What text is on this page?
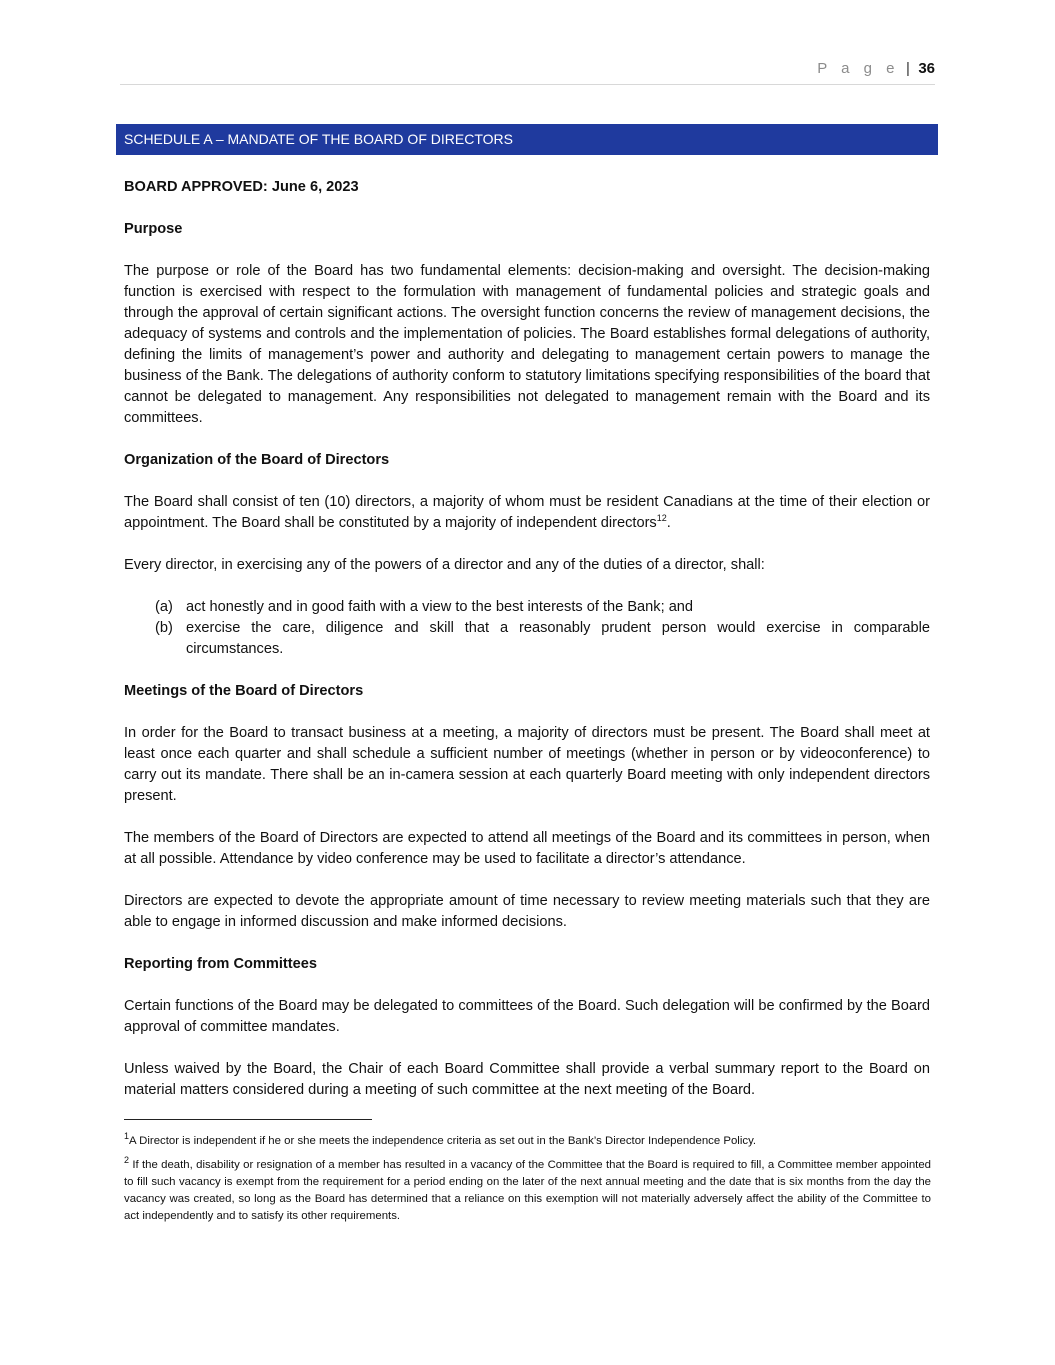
P a g e | 36
SCHEDULE A – MANDATE OF THE BOARD OF DIRECTORS

BOARD APPROVED: June 6, 2023

Purpose

The purpose or role of the Board has two fundamental elements: decision-making and oversight. The decision-making function is exercised with respect to the formulation with management of fundamental policies and strategic goals and through the approval of certain significant actions. The oversight function concerns the review of management decisions, the adequacy of systems and controls and the implementation of policies. The Board establishes formal delegations of authority, defining the limits of management’s power and authority and delegating to management certain powers to manage the business of the Bank. The delegations of authority conform to statutory limitations specifying responsibilities of the board that cannot be delegated to management. Any responsibilities not delegated to management remain with the Board and its committees.

Organization of the Board of Directors

The Board shall consist of ten (10) directors, a majority of whom must be resident Canadians at the time of their election or appointment. The Board shall be constituted by a majority of independent directors$^{12}$.

Every director, in exercising any of the powers of a director and any of the duties of a director, shall:

(a) act honestly and in good faith with a view to the best interests of the Bank; and
(b) exercise the care, diligence and skill that a reasonably prudent person would exercise in comparable circumstances.

Meetings of the Board of Directors

In order for the Board to transact business at a meeting, a majority of directors must be present. The Board shall meet at least once each quarter and shall schedule a sufficient number of meetings (whether in person or by videoconference) to carry out its mandate. There shall be an in-camera session at each quarterly Board meeting with only independent directors present.

The members of the Board of Directors are expected to attend all meetings of the Board and its committees in person, when at all possible. Attendance by video conference may be used to facilitate a director’s attendance.

Directors are expected to devote the appropriate amount of time necessary to review meeting materials such that they are able to engage in informed discussion and make informed decisions.

Reporting from Committees

Certain functions of the Board may be delegated to committees of the Board. Such delegation will be confirmed by the Board approval of committee mandates.

Unless waived by the Board, the Chair of each Board Committee shall provide a verbal summary report to the Board on material matters considered during a meeting of such committee at the next meeting of the Board.

$^1$A Director is independent if he or she meets the independence criteria as set out in the Bank’s Director Independence Policy.

$^2$ If the death, disability or resignation of a member has resulted in a vacancy of the Committee that the Board is required to fill, a Committee member appointed to fill such vacancy is exempt from the requirement for a period ending on the later of the next annual meeting and the date that is six months from the day the vacancy was created, so long as the Board has determined that a reliance on this exemption will not materially adversely affect the ability of the Committee to act independently and to satisfy its other requirements.
